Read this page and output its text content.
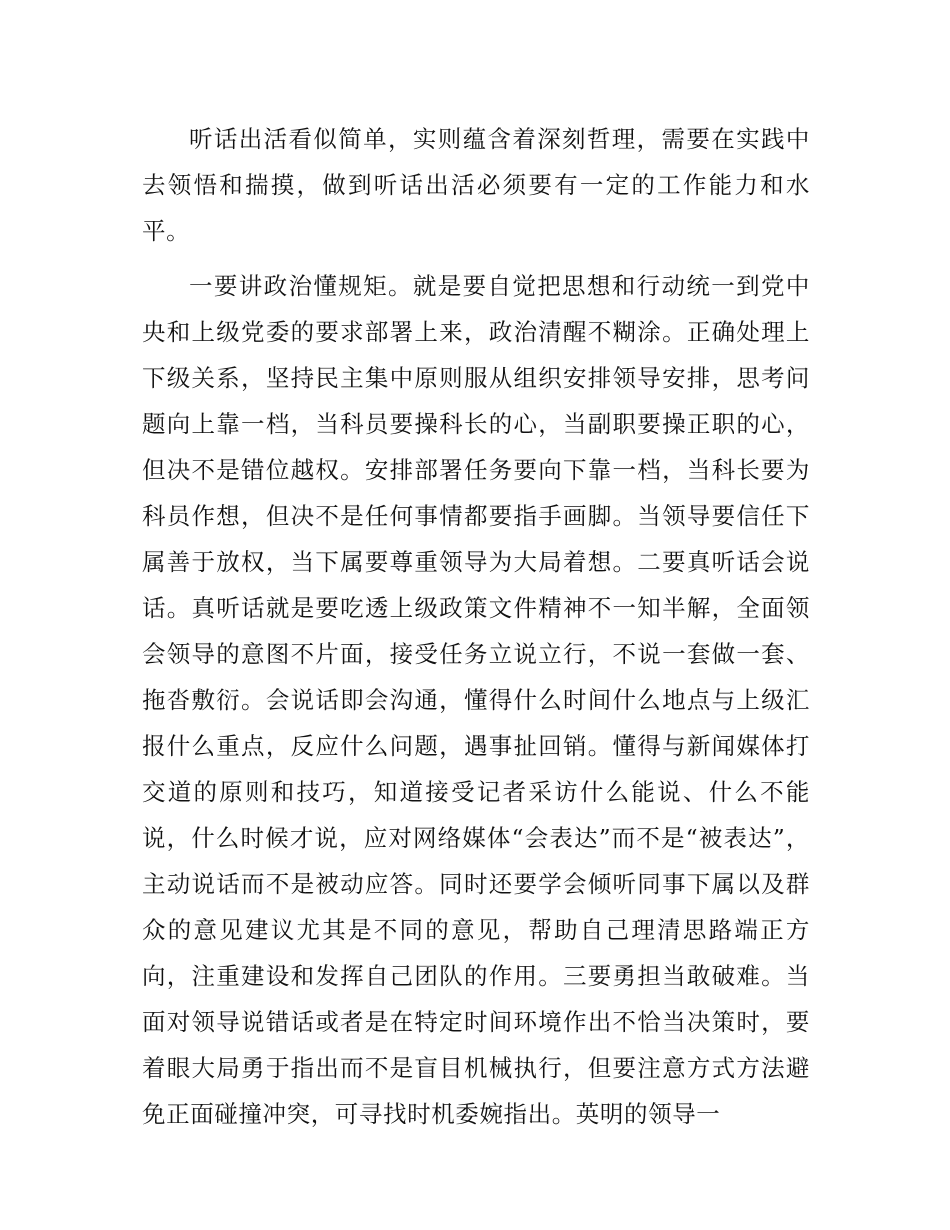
听话出活看似简单，实则蕴含着深刻哲理，需要在实践中去领悟和揣摸，做到听话出活必须要有一定的工作能力和水平。

一要讲政治懂规矩。就是要自觉把思想和行动统一到党中央和上级党委的要求部署上来，政治清醒不糊涂。正确处理上下级关系，坚持民主集中原则服从组织安排领导安排，思考问题向上靠一档，当科员要操科长的心，当副职要操正职的心，但决不是错位越权。安排部署任务要向下靠一档，当科长要为科员作想，但决不是任何事情都要指手画脚。当领导要信任下属善于放权，当下属要尊重领导为大局着想。二要真听话会说话。真听话就是要吃透上级政策文件精神不一知半解，全面领会领导的意图不片面，接受任务立说立行，不说一套做一套、拖沓敷衍。会说话即会沟通，懂得什么时间什么地点与上级汇报什么重点，反应什么问题，遇事扯回销。懂得与新闻媒体打交道的原则和技巧，知道接受记者采访什么能说、什么不能说，什么时候才说，应对网络媒体“会表达”而不是“被表达”，主动说话而不是被动应答。同时还要学会倾听同事下属以及群众的意见建议尤其是不同的意见，帮助自己理清思路端正方向，注重建设和发挥自己团队的作用。三要勇担当敢破难。当面对领导说错话或者是在特定时间环境作出不恰当决策时，要着眼大局勇于指出而不是盲目机械执行，但要注意方式方法避免正面碰撞冲突，可寻找时机委婉指出。英明的领导一
